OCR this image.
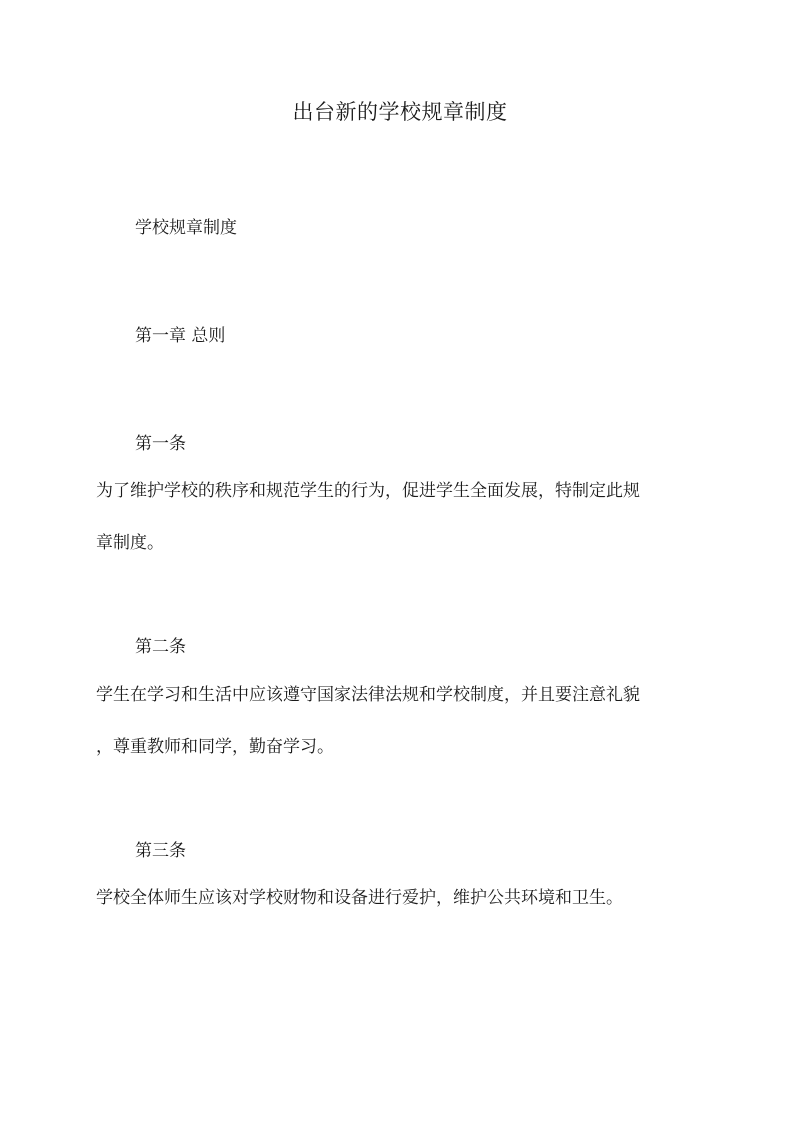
出台新的学校规章制度
学校规章制度
第一章 总则
第一条
为了维护学校的秩序和规范学生的行为，促进学生全面发展，特制定此规
章制度。
第二条
学生在学习和生活中应该遵守国家法律法规和学校制度，并且要注意礼貌
，尊重教师和同学，勤奋学习。
第三条
学校全体师生应该对学校财物和设备进行爱护，维护公共环境和卫生。
